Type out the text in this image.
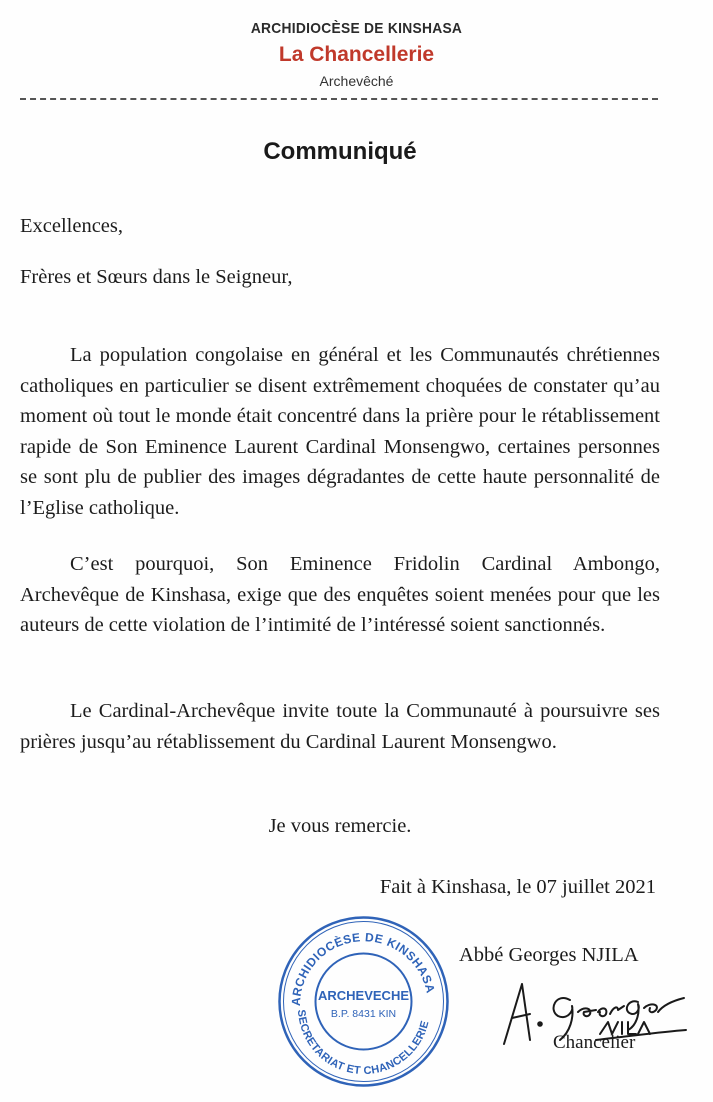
ARCHIDIOCÈSE DE KINSHASA
La Chancellerie
Archevêché
Communiqué
Excellences,
Frères et Sœurs dans le Seigneur,

La population congolaise en général et les Communautés chrétiennes catholiques en particulier se disent extrêmement choquées de constater qu’au moment où tout le monde était concentré dans la prière pour le rétablissement rapide de Son Eminence Laurent Cardinal Monsengwo, certaines personnes se sont plu de publier des images dégradantes de cette haute personnalité de l’Eglise catholique.

C’est pourquoi, Son Eminence Fridolin Cardinal Ambongo, Archevêque de Kinshasa, exige que des enquêtes soient menées pour que les auteurs de cette violation de l’intimité de l’intéressé soient sanctionnés.

Le Cardinal-Archevêque invite toute la Communauté à poursuivre ses prières jusqu’au rétablissement du Cardinal Laurent Monsengwo.

Je vous remercie.
Fait à Kinshasa, le 07 juillet 2021
ARCHIDIOCÈSE DE KINSHASA
SECRETARIAT ET CHANCELLERIE
ARCHEVECHE
B.P. 8431 KIN
Abbé Georges NJILA
Chancelier
